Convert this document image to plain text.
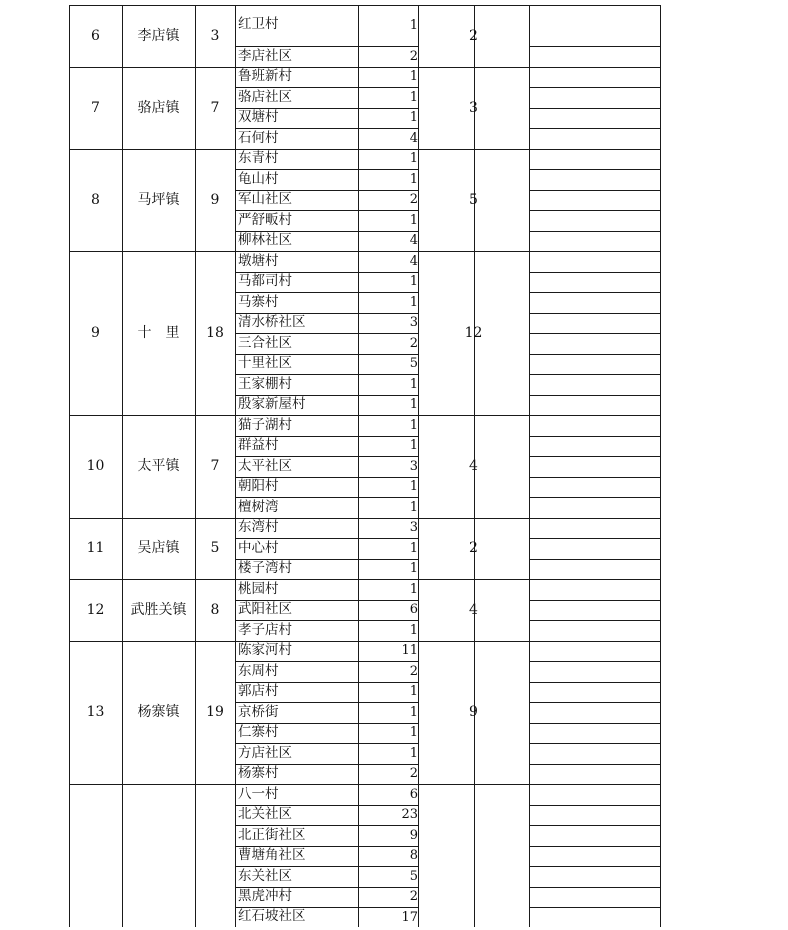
6	李店镇	3	2
红卫村	1
李店社区	2
7	骆店镇	7	3
鲁班新村	1
骆店社区	1
双塘村	1
石何村	4
8	马坪镇	9	5
东青村	1
龟山村	1
军山社区	2
严舒畈村	1
柳林社区	4
9	十　里	18	12
墩塘村	4
马都司村	1
马寨村	1
清水桥社区	3
三合社区	2
十里社区	5
王家棚村	1
殷家新屋村	1
10	太平镇	7	4
猫子湖村	1
群益村	1
太平社区	3
朝阳村	1
檀树湾	1
11	吴店镇	5	2
东湾村	3
中心村	1
楼子湾村	1
12	武胜关镇	8	4
桃园村	1
武阳社区	6
孝子店村	1
13	杨寨镇	19	9
陈家河村	11
东周村	2
郭店村	1
京桥街	1
仁寨村	1
方店社区	1
杨寨村	2
八一村	6
北关社区	23
北正街社区	9
曹塘角社区	8
东关社区	5
黑虎冲村	2
红石坡社区	17
